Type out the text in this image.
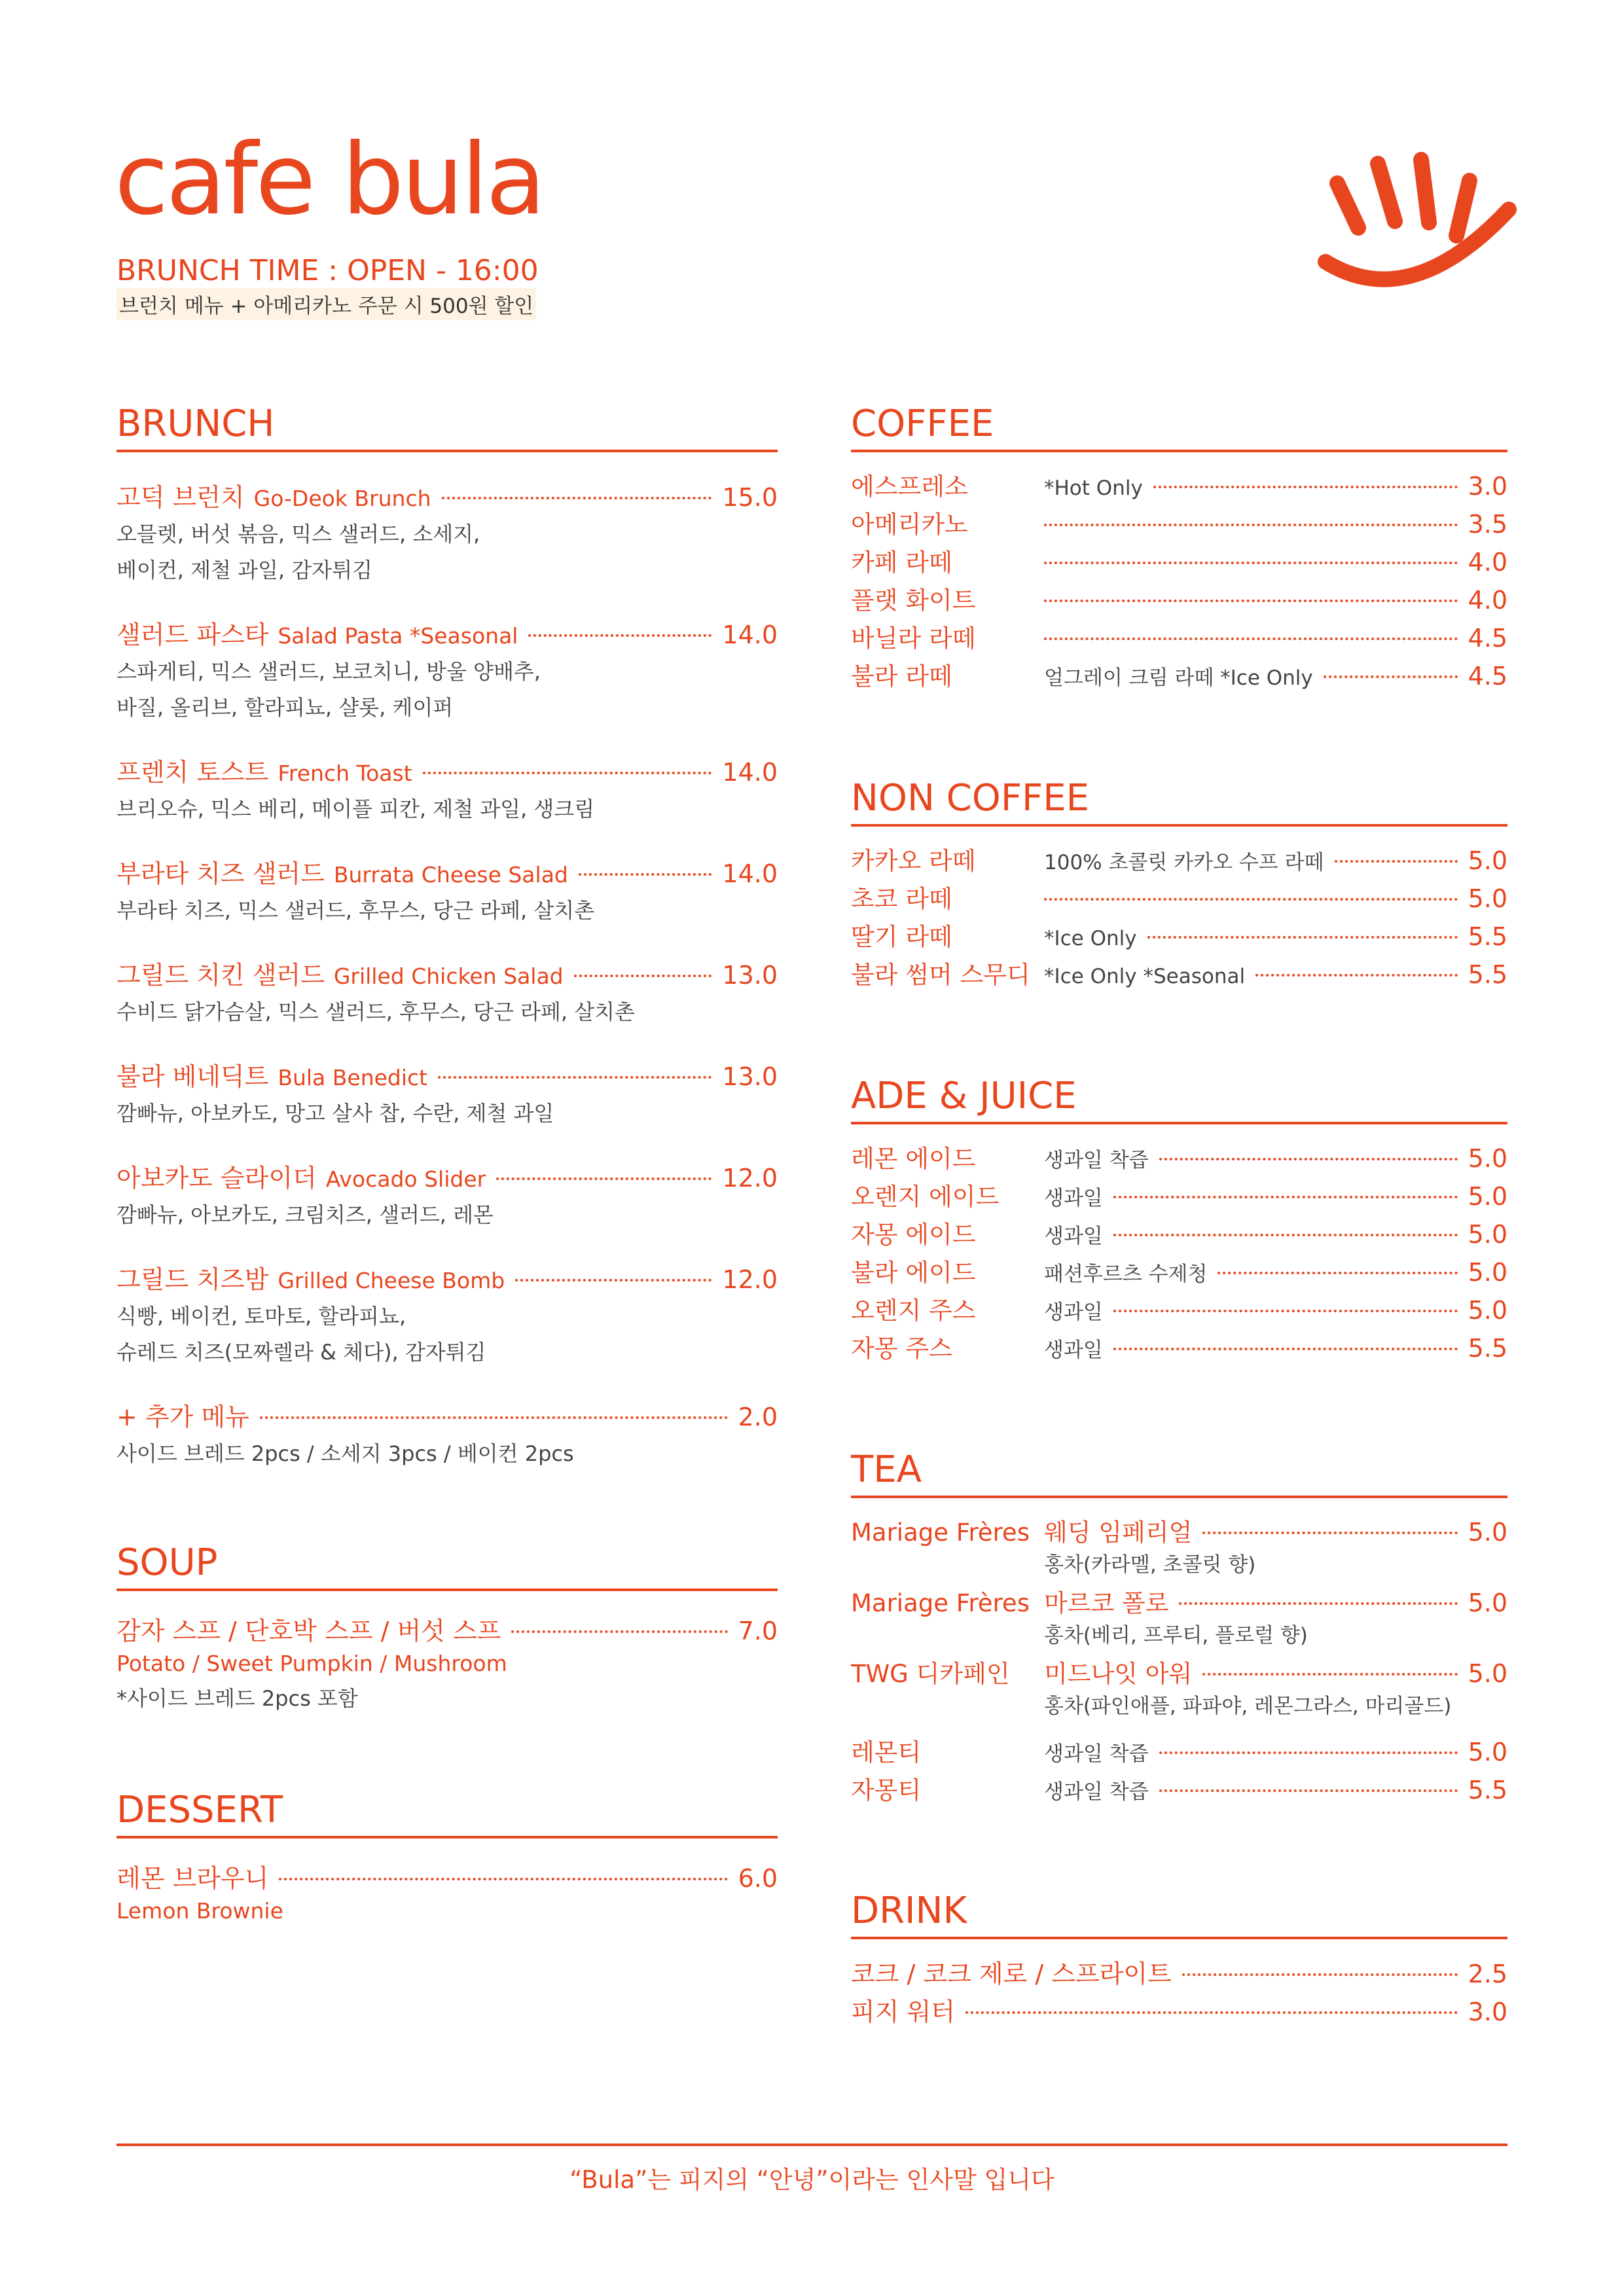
cafe bula

BRUNCH TIME : OPEN - 16:00

브런치 메뉴 + 아메리카노 주문 시 500원 할인
BRUNCH
고덕 브런치 Go-Deok Brunch	15.0
오믈렛, 버섯 볶음, 믹스 샐러드, 소세지,
베이컨, 제철 과일, 감자튀김
샐러드 파스타 Salad Pasta *Seasonal	14.0
스파게티, 믹스 샐러드, 보코치니, 방울 양배추,
바질, 올리브, 할라피뇨, 샬롯, 케이퍼
프렌치 토스트 French Toast	14.0
브리오슈, 믹스 베리, 메이플 피칸, 제철 과일, 생크림
부라타 치즈 샐러드 Burrata Cheese Salad	14.0
부라타 치즈, 믹스 샐러드, 후무스, 당근 라페, 살치촌
그릴드 치킨 샐러드 Grilled Chicken Salad	13.0
수비드 닭가슴살, 믹스 샐러드, 후무스, 당근 라페, 살치촌
불라 베네딕트 Bula Benedict	13.0
깜빠뉴, 아보카도, 망고 살사 찹, 수란, 제철 과일
아보카도 슬라이더 Avocado Slider	12.0
깜빠뉴, 아보카도, 크림치즈, 샐러드, 레몬
그릴드 치즈밤 Grilled Cheese Bomb	12.0
식빵, 베이컨, 토마토, 할라피뇨,
슈레드 치즈(모짜렐라 & 체다), 감자튀김
+ 추가 메뉴	2.0
사이드 브레드 2pcs / 소세지 3pcs / 베이컨 2pcs
SOUP
감자 스프 / 단호박 스프 / 버섯 스프	7.0
Potato / Sweet Pumpkin / Mushroom
*사이드 브레드 2pcs 포함
DESSERT
레몬 브라우니	6.0
Lemon Brownie
COFFEE
에스프레소	*Hot Only	3.0
아메리카노	3.5
카페 라떼	4.0
플랫 화이트	4.0
바닐라 라떼	4.5
불라 라떼	얼그레이 크림 라떼 *Ice Only	4.5
NON COFFEE
카카오 라떼	100% 초콜릿 카카오 수프 라떼	5.0
초코 라떼	5.0
딸기 라떼	*Ice Only	5.5
불라 썸머 스무디 *Ice Only *Seasonal	5.5
ADE & JUICE
레몬 에이드	생과일 착즙	5.0
오렌지 에이드	생과일	5.0
자몽 에이드	생과일	5.0
불라 에이드	패션후르츠 수제청	5.0
오렌지 주스	생과일	5.0
자몽 주스	생과일	5.5
TEA
Mariage Frères 웨딩 임페리얼	5.0
홍차(카라멜, 초콜릿 향)
Mariage Frères 마르코 폴로	5.0
홍차(베리, 프루티, 플로럴 향)
TWG 디카페인	미드나잇 아워	5.0
홍차(파인애플, 파파야, 레몬그라스, 마리골드)
레몬티	생과일 착즙	5.0
자몽티	생과일 착즙	5.5
DRINK
코크 / 코크 제로 / 스프라이트	2.5
피지 워터	3.0
“Bula”는 피지의 “안녕”이라는 인사말 입니다
